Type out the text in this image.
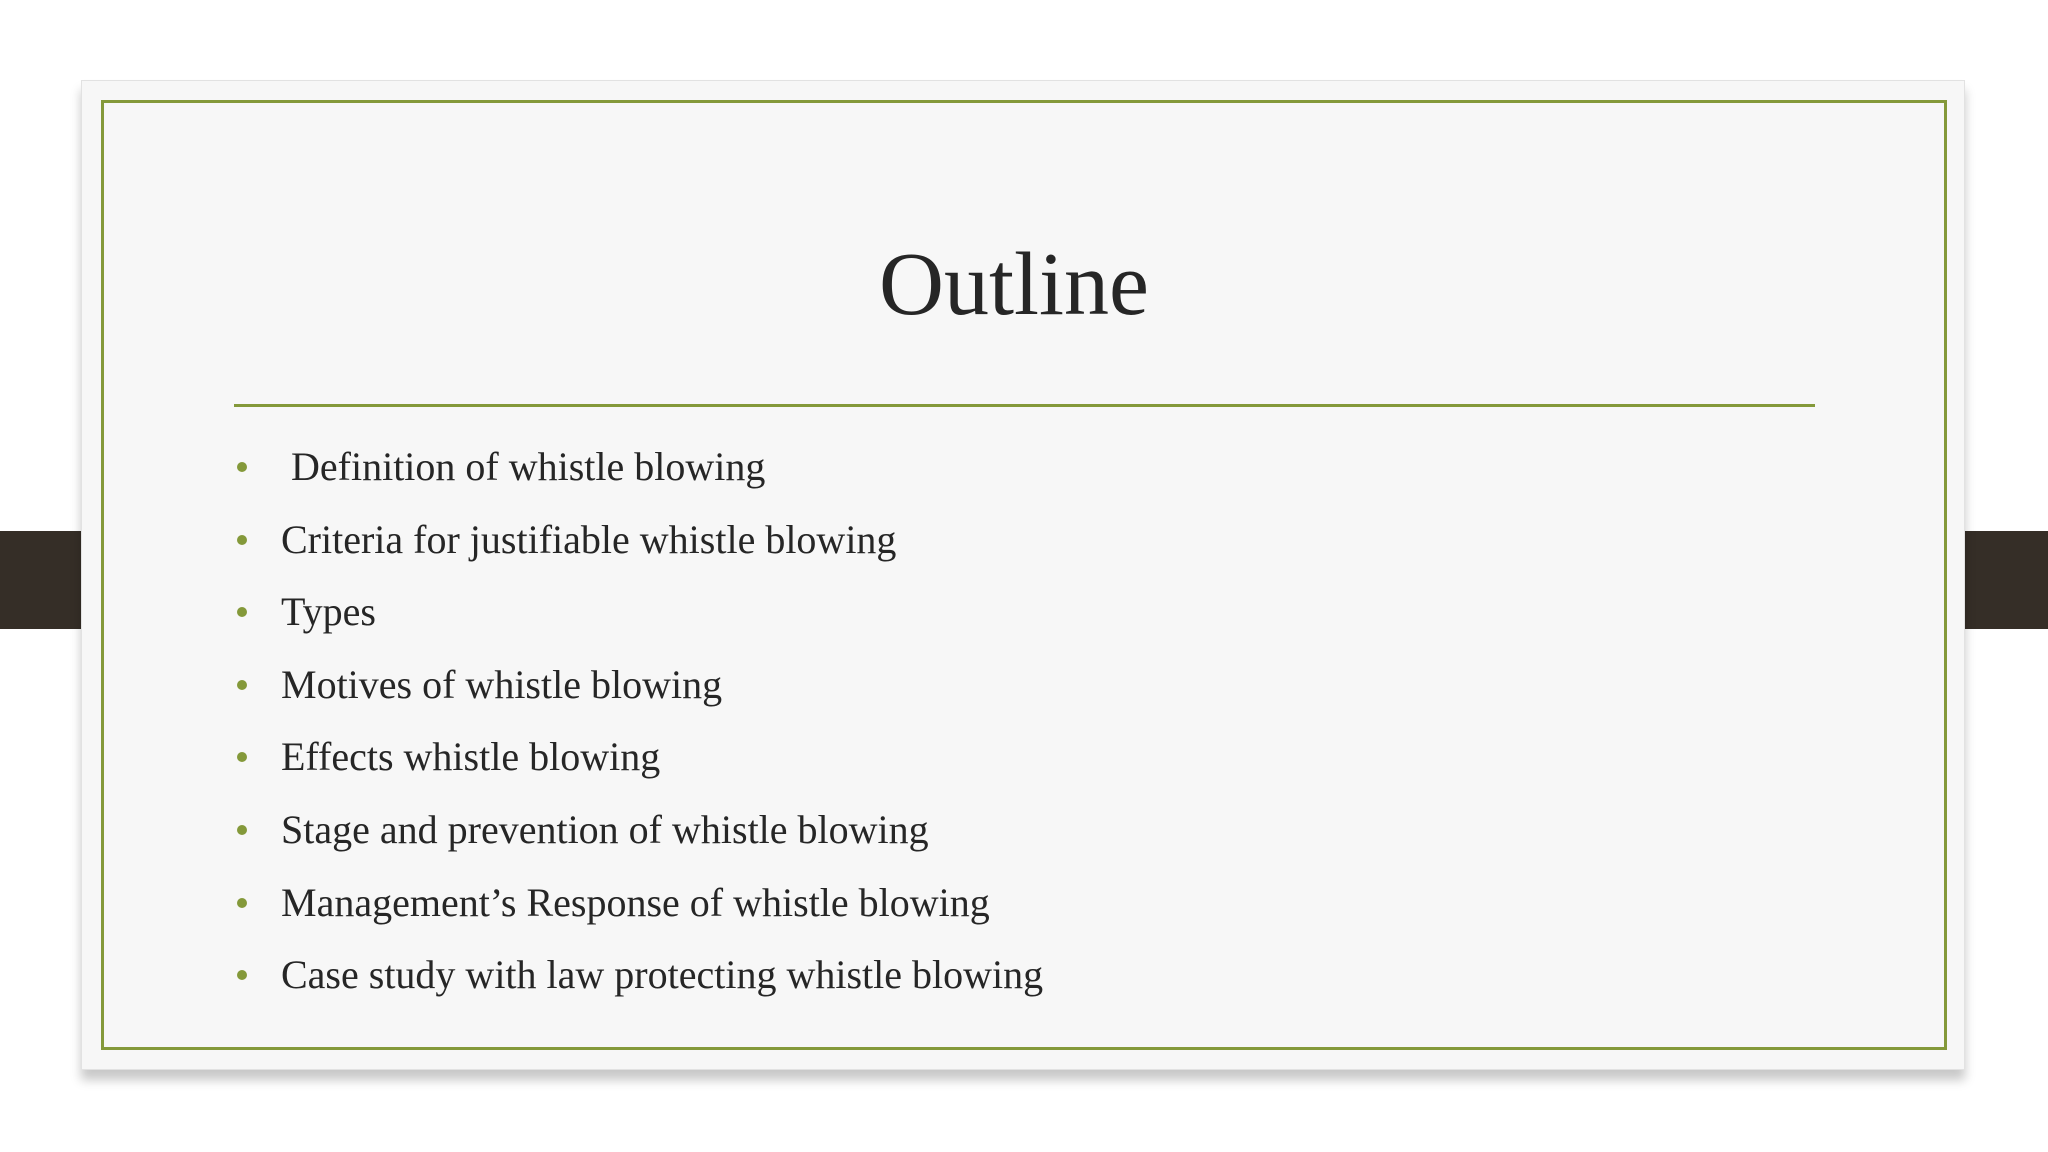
Outline
Definition of whistle blowing
Criteria for justifiable whistle blowing
Types
Motives of whistle blowing
Effects whistle blowing
Stage and prevention of whistle blowing
Management’s Response of whistle blowing
Case study with law protecting whistle blowing
